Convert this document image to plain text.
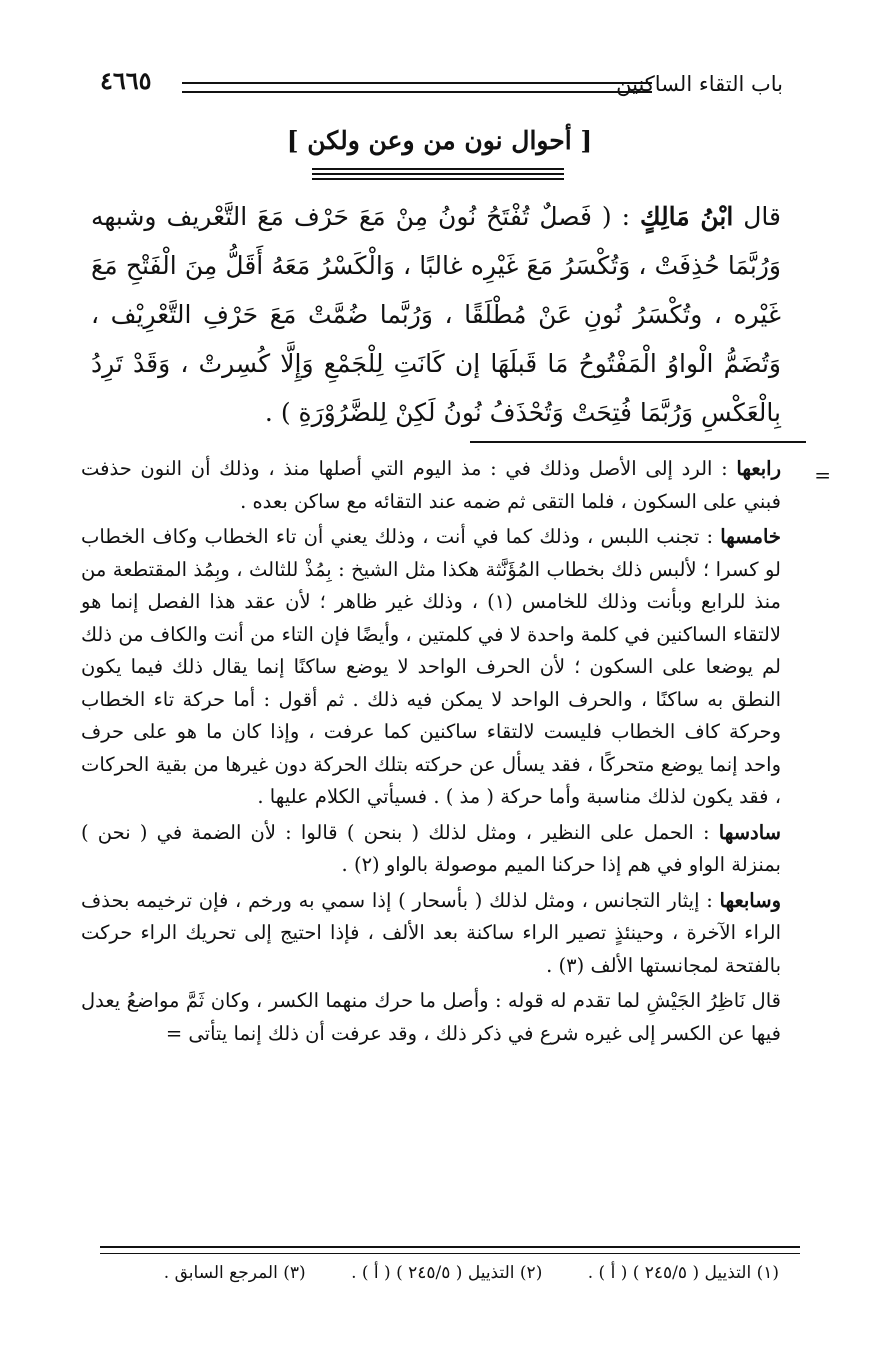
باب التقاء الساكنين
٤٦٦٥
[ أحوال نون من وعن ولكن ]

قال ابْنُ مَالِكٍ : ( فَصلٌ تُفْتَحُ نُونُ مِنْ مَعَ حَرْف مَعَ التَّعْريف وشبهه وَرُبَّمَا حُذِفَتْ ، وَتُكْسَرُ مَعَ غَيْرِه غالبًا ، وَالْكَسْرُ مَعَهُ أَقَلُّ مِنَ الْفَتْحِ مَعَ غَيْره ، وتُكْسَرُ نُونِ عَنْ مُطْلَقًا ، وَرُبَّما ضُمَّتْ مَعَ حَرْفِ التَّعْرِيْف ، وَتُضَمُّ الْواوُ الْمَفْتُوحُ مَا قَبلَهَا إن كَانَتِ لِلْجَمْعِ وَإِلَّا كُسِرتْ ، وَقَدْ تَرِدُ بِالْعَكْسِ وَرُبَّمَا فُتِحَتْ وَتُحْذَفُ نُونُ لَكِنْ لِلضَّرُوْرَةِ ) .

=

رابعها : الرد إلى الأصل وذلك في : مذ اليوم التي أصلها منذ ، وذلك أن النون حذفت فبني على السكون ، فلما التقى ثم ضمه عند التقائه مع ساكن بعده .

خامسها : تجنب اللبس ، وذلك كما في أنت ، وذلك يعني أن تاء الخطاب وكاف الخطاب لو كسرا ؛ لألبس ذلك بخطاب المُؤَنَّثة هكذا مثل الشيخ : بِمُذْ للثالث ، وبِمُذ المقتطعة من منذ للرابع وبأنت وذلك للخامس (١) ، وذلك غير ظاهر ؛ لأن عقد هذا الفصل إنما هو لالتقاء الساكنين في كلمة واحدة لا في كلمتين ، وأيضًا فإن التاء من أنت والكاف من ذلك لم يوضعا على السكون ؛ لأن الحرف الواحد لا يوضع ساكنًا إنما يقال ذلك فيما يكون النطق به ساكنًا ، والحرف الواحد لا يمكن فيه ذلك . ثم أقول : أما حركة تاء الخطاب وحركة كاف الخطاب فليست لالتقاء ساكنين كما عرفت ، وإذا كان ما هو على حرف واحد إنما يوضع متحركًا ، فقد يسأل عن حركته بتلك الحركة دون غيرها من بقية الحركات ، فقد يكون لذلك مناسبة وأما حركة ( مذ ) . فسيأتي الكلام عليها .

سادسها : الحمل على النظير ، ومثل لذلك ( بنحن ) قالوا : لأن الضمة في ( نحن ) بمنزلة الواو في هم إذا حركنا الميم موصولة بالواو (٢) .

وسابعها : إيثار التجانس ، ومثل لذلك ( بأسحار ) إذا سمي به ورخم ، فإن ترخيمه بحذف الراء الآخرة ، وحينئذٍ تصير الراء ساكنة بعد الألف ، فإذا احتيج إلى تحريك الراء حركت بالفتحة لمجانستها الألف (٣) .

قال نَاظِرُ الجَيْشِ لما تقدم له قوله : وأصل ما حرك منهما الكسر ، وكان ثَمَّ مواضعُ يعدل فيها عن الكسر إلى غيره شرع في ذكر ذلك ، وقد عرفت أن ذلك إنما يتأتى =

(١) التذييل ( ٢٤٥/٥ ) ( أ ) . (٢) التذييل ( ٢٤٥/٥ ) ( أ ) . (٣) المرجع السابق .
